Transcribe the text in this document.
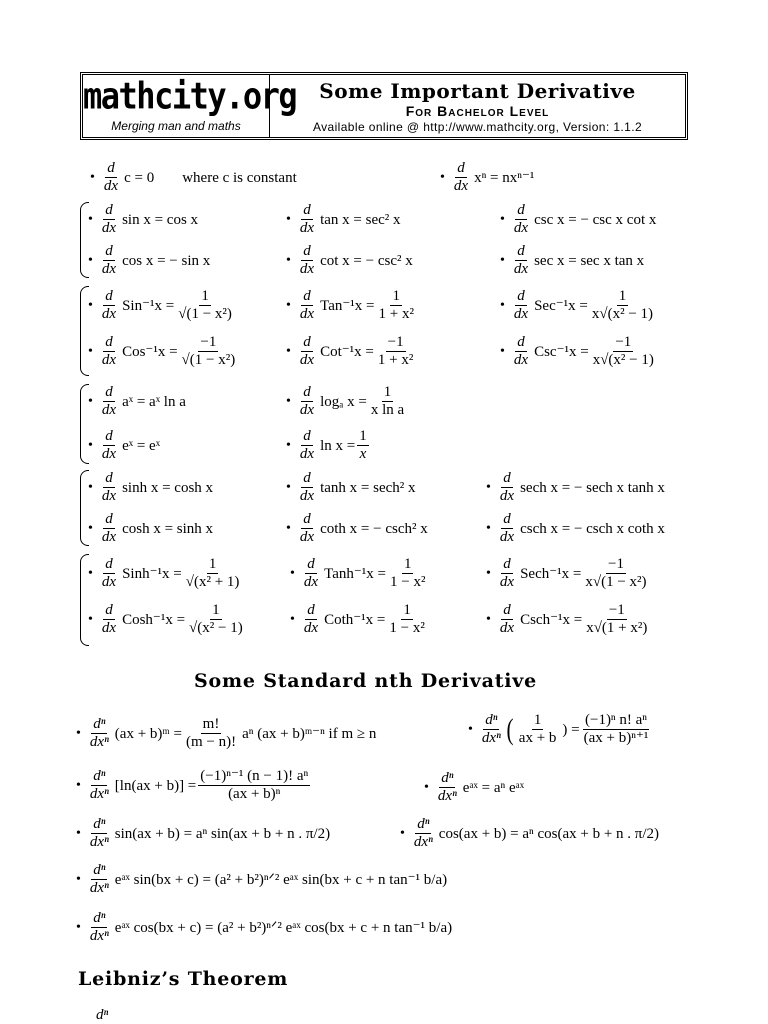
mathcity.org
Merging man and maths
Some Important Derivative
For Bachelor Level
Available online @ http://www.mathcity.org, Version: 1.1.2
• $\frac{d}{dx}$ c = 0 where c is constant	• $\frac{d}{dx}$ xⁿ = nxⁿ⁻¹
• $\frac{d}{dx}$ sin x = cos x	• $\frac{d}{dx}$ tan x = sec² x	• $\frac{d}{dx}$ csc x = − csc x cot x
• $\frac{d}{dx}$ cos x = − sin x	• $\frac{d}{dx}$ cot x = − csc² x	• $\frac{d}{dx}$ sec x = sec x tan x
• $\frac{d}{dx} Sin^{-1}x = \frac{1}{\text{√(1 − x²)}}$	• $\frac{d}{dx} Tan^{-1}x = \frac{1}{\text{1 + x²}}$	• $\frac{d}{dx} Sec^{-1}x = \frac{1}{\text{x√(x² − 1)}}$
• $\frac{d}{dx} Cos^{-1}x = \frac{-1}{\text{√(1 − x²)}}$	• $\frac{d}{dx} Cot^{-1}x = \frac{-1}{\text{1 + x²}}$	• $\frac{d}{dx} Csc^{-1}x = \frac{-1}{\text{x√(x² − 1)}}$
• $\frac{d}{dx}$ aˣ = aˣ ln a	• $\frac{d}{dx}$ logₐ $x = \frac{1}{\text{x ln a}}$
• $\frac{d}{dx}$ eˣ = eˣ	• $\frac{d}{dx}$ $\ln x = \frac{1}{x}$
• $\frac{d}{dx}$ sinh x = cosh x	• $\frac{d}{dx}$ tanh x = sech² x	• $\frac{d}{dx}$ sech x = − sech x tanh x
• $\frac{d}{dx}$ cosh x = sinh x	• $\frac{d}{dx}$ coth x = − csch² x	• $\frac{d}{dx}$ csch x = − csch x coth x
• $\frac{d}{dx}$ Sinh⁻¹x = $\frac{1}{\text{√(x² + 1)}}$	• $\frac{d}{dx}$ Tanh⁻¹x = $\frac{1}{\text{1 − x²}}$	• $\frac{d}{dx}$ Sech⁻¹x = $\frac{-1}{\text{x√(1 − x²)}}$
• $\frac{d}{dx}$ Cosh⁻¹x = $\frac{1}{\text{√(x² − 1)}}$	• $\frac{d}{dx}$ Coth⁻¹x = $\frac{1}{\text{1 − x²}}$	• $\frac{d}{dx}$ Csch⁻¹x = $\frac{-1}{\text{x√(1 + x²)}}$
Some Standard nth Derivative
• $\frac{\text{dⁿ}}{\text{dxⁿ}} (ax$ + b)ᵐ = $\frac{m!}{(m - n)!}$ aⁿ (ax + b)ᵐ⁻ⁿ if m ≥ n	• $\frac{\text{dⁿ}}{\text{dxⁿ}}$ ( $\frac{1}{ax + b}$ ) = $\frac{\text{(−1)ⁿ n! aⁿ}}{\text{(ax + b)ⁿ⁺¹}}$
• $\frac{\text{dⁿ}}{\text{dxⁿ}} [\ln(ax + b)] = \frac{\text{(−1)ⁿ⁻¹ (n − 1)! aⁿ}}{\text{(ax + b)ⁿ}}$	• $\frac{\text{dⁿ}}{\text{dxⁿ}}$ eᵃˣ = aⁿ eᵃˣ
• $\frac{\text{dⁿ}}{\text{dxⁿ}} \sin(ax + b) = a^n$ sin(ax + b + n . π/2)	• $\frac{\text{dⁿ}}{\text{dxⁿ}} \cos(ax + b) = a^n$ cos(ax + b + n . π/2)
• $\frac{\text{dⁿ}}{\text{dxⁿ}}$ eᵃˣ sin(bx + c) = (a² + b²)ⁿᐟ² eᵃˣ sin(bx + c + n tan⁻¹ b/a)
• $\frac{\text{dⁿ}}{\text{dxⁿ}}$ eᵃˣ cos(bx + c) = (a² + b²)ⁿᐟ² eᵃˣ cos(bx + c + n tan⁻¹ b/a)
Leibniz’s Theorem
dⁿ
